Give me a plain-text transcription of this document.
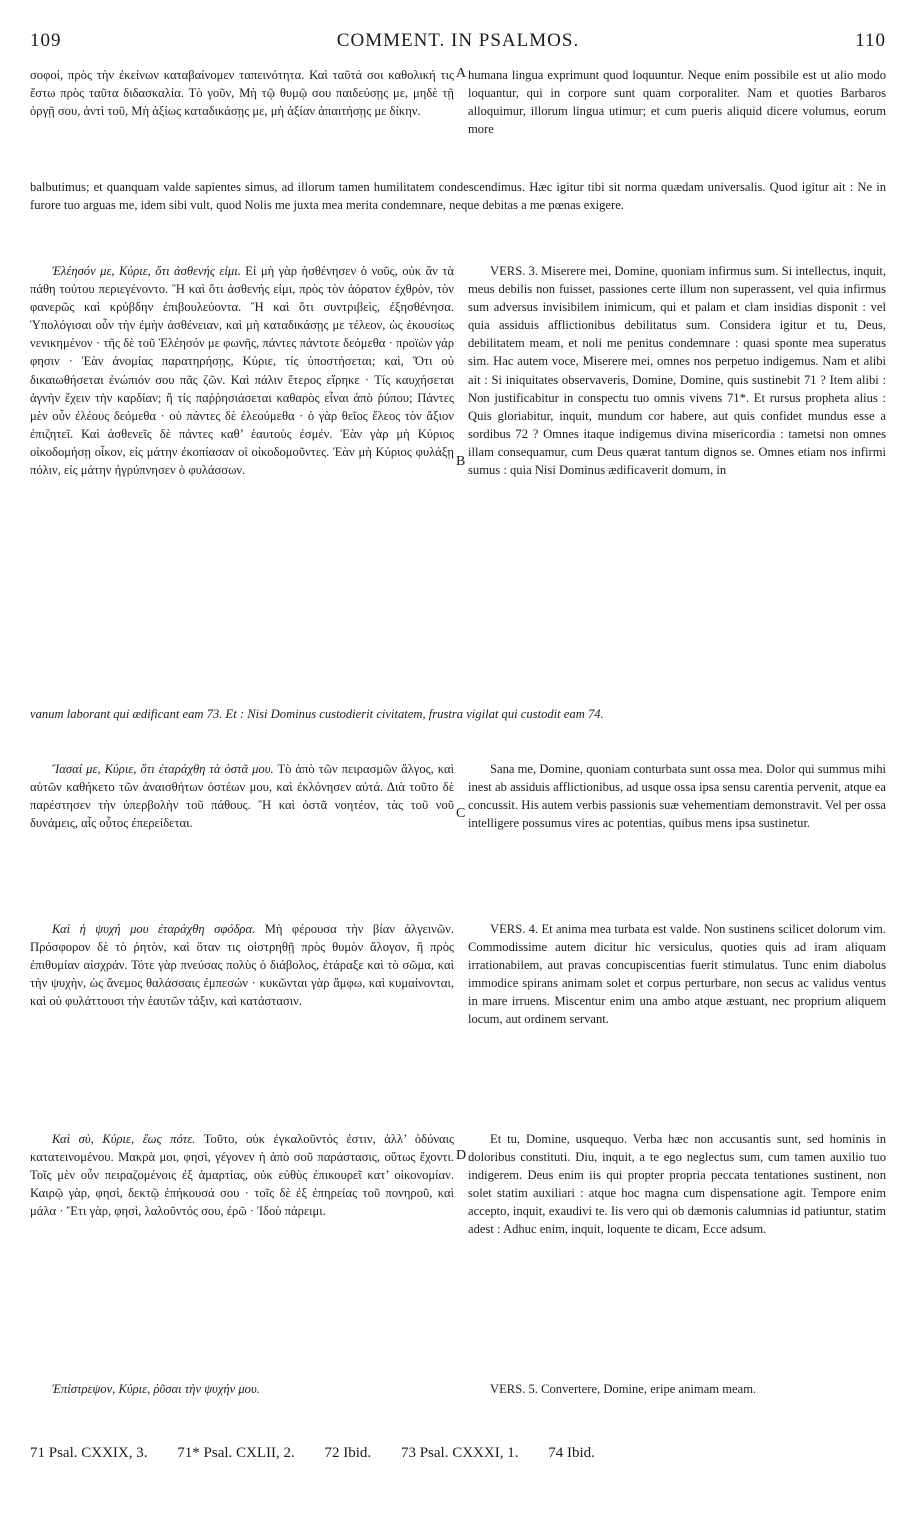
109	COMMENT. IN PSALMOS.	110
A
B
C
D

σοφοί, πρὸς τὴν ἐκείνων καταβαίνομεν ταπεινότητα. Καὶ ταῦτά σοι καθολική τις ἔστω πρὸς ταῦτα διδασκαλία. Τὸ γοῦν, Μὴ τῷ θυμῷ σου παιδεύσῃς με, μηδὲ τῇ ὀργῇ σου, ἀντὶ τοῦ, Μὴ ἀξίως καταδικάσῃς με, μὴ ἀξίαν ἀπαιτήσῃς με δίκην.

humana lingua exprimunt quod loquuntur. Neque enim possibile est ut alio modo loquantur, qui in corpore sunt quam corporaliter. Nam et quoties Barbaros alloquimur, illorum lingua utimur; et cum pueris aliquid dicere volumus, eorum more

balbutimus; et quanquam valde sapientes simus, ad illorum tamen humilitatem condescendimus. Hæc igitur tibi sit norma quædam universalis. Quod igitur ait : Ne in furore tuo arguas me, idem sibi vult, quod Nolis me juxta mea merita condemnare, neque debitas a me pœnas exigere.

Ἐλέησόν με, Κύριε, ὅτι ἀσθενής εἰμι. Εἰ μὴ γὰρ ἠσθένησεν ὁ νοῦς, οὐκ ἂν τὰ πάθη τούτου περιεγένοντο. Ἢ καὶ ὅτι ἀσθενής εἰμι, πρὸς τὸν ἀόρατον ἐχθρὸν, τὸν φανερῶς καὶ κρύβδην ἐπιβουλεύοντα. Ἢ καὶ ὅτι συντριβεὶς, ἐξησθένησα. Ὑπολόγισαι οὖν τὴν ἐμὴν ἀσθένειαν, καὶ μὴ καταδικάσῃς με τέλεον, ὡς ἑκουσίως νενικημένον · τῆς δὲ τοῦ Ἐλέησόν με φωνῆς, πάντες πάντοτε δεόμεθα · προϊὼν γάρ φησιν · Ἐὰν ἀνομίας παρατηρήσῃς, Κύριε, τίς ὑποστήσεται; καὶ, Ὅτι οὐ δικαιωθήσεται ἐνώπιόν σου πᾶς ζῶν. Καὶ πάλιν ἕτερος εἴρηκε · Τίς καυχήσεται ἁγνὴν ἔχειν τὴν καρδίαν; ἢ τίς παῤῥησιάσεται καθαρὸς εἶναι ἀπὸ ῥύπου; Πάντες μὲν οὖν ἐλέους δεόμεθα · οὐ πάντες δὲ ἐλεούμεθα · ὁ γὰρ θεῖος ἔλεος τὸν ἄξιον ἐπιζητεῖ. Καὶ ἀσθενεῖς δὲ πάντες καθ’ ἑαυτοὺς ἐσμέν. Ἐὰν γὰρ μὴ Κύριος οἰκοδομήσῃ οἶκον, εἰς μάτην ἐκοπίασαν οἱ οἰκοδομοῦντες. Ἐὰν μὴ Κύριος φυλάξῃ πόλιν, εἰς μάτην ἠγρύπνησεν ὁ φυλάσσων.

VERS. 3. Miserere mei, Domine, quoniam infirmus sum. Si intellectus, inquit, meus debilis non fuisset, passiones certe illum non superassent, vel quia infirmus sum adversus invisibilem inimicum, qui et palam et clam insidias disponit : vel quia assiduis afflictionibus debilitatus sum. Considera igitur et tu, Deus, debilitatem meam, et noli me penitus condemnare : quasi sponte mea superatus sim. Hac autem voce, Miserere mei, omnes nos perpetuo indigemus. Nam et alibi ait : Si iniquitates observaveris, Domine, Domine, quis sustinebit 71 ? Item alibi : Non justificabitur in conspectu tuo omnis vivens 71*. Et rursus propheta alius : Quis gloriabitur, inquit, mundum cor habere, aut quis confidet mundus esse a sordibus 72 ? Omnes itaque indigemus divina misericordia : tametsi non omnes illam consequamur, cum Deus quærat tantum dignos se. Omnes etiam nos infirmi sumus : quia Nisi Dominus ædificaverit domum, in

vanum laborant qui ædificant eam 73. Et : Nisi Dominus custodierit civitatem, frustra vigilat qui custodit eam 74.

Ἴασαί με, Κύριε, ὅτι ἐταράχθη τὰ ὀστᾶ μου. Τὸ ἀπὸ τῶν πειρασμῶν ἄλγος, καὶ αὐτῶν καθήκετο τῶν ἀναισθήτων ὀστέων μου, καὶ ἐκλόνησεν αὐτά. Διὰ τοῦτο δὲ παρέστησεν τὴν ὑπερβολὴν τοῦ πάθους. Ἢ καὶ ὀστᾶ νοητέον, τὰς τοῦ νοῦ δυνάμεις, αἷς οὗτος ἐπερείδεται.

Sana me, Domine, quoniam conturbata sunt ossa mea. Dolor qui summus mihi inest ab assiduis afflictionibus, ad usque ossa ipsa sensu carentia pervenit, atque ea concussit. His autem verbis passionis suæ vehementiam demonstravit. Vel per ossa intelligere possumus vires ac potentias, quibus mens ipsa sustinetur.

Καὶ ἡ ψυχή μου ἐταράχθη σφόδρα. Μὴ φέρουσα τὴν βίαν ἀλγεινῶν. Πρόσφορον δὲ τὸ ῥητὸν, καὶ ὅταν τις οἰστρηθῇ πρὸς θυμὸν ἄλογον, ἢ πρὸς ἐπιθυμίαν αἰσχράν. Τότε γὰρ πνεύσας πολὺς ὁ διάβολος, ἐτάραξε καὶ τὸ σῶμα, καὶ τὴν ψυχὴν, ὡς ἄνεμος θαλάσσαις ἐμπεσών · κυκῶνται γὰρ ἄμφω, καὶ κυμαίνονται, καὶ οὐ φυλάττουσι τὴν ἑαυτῶν τάξιν, καὶ κατάστασιν.

VERS. 4. Et anima mea turbata est valde. Non sustinens scilicet dolorum vim. Commodissime autem dicitur hic versiculus, quoties quis ad iram aliquam irrationabilem, aut pravas concupiscentias fuerit stimulatus. Tunc enim diabolus immodice spirans animam solet et corpus perturbare, non secus ac validus ventus in mare irruens. Miscentur enim una ambo atque æstuant, nec proprium aliquem locum, aut ordinem servant.

Καὶ σὺ, Κύριε, ἕως πότε. Τοῦτο, οὐκ ἐγκαλοῦντός ἐστιν, ἀλλ’ ὀδύναις κατατεινομένου. Μακρὰ μοι, φησὶ, γέγονεν ἡ ἀπὸ σοῦ παράστασις, οὕτως ἔχοντι. Τοῖς μὲν οὖν πειραζομένοις ἐξ ἁμαρτίας, οὐκ εὐθὺς ἐπικουρεῖ κατ’ οἰκονομίαν. Καιρῷ γὰρ, φησὶ, δεκτῷ ἐπήκουσά σου · τοῖς δὲ ἐξ ἐπηρείας τοῦ πονηροῦ, καὶ μάλα · Ἔτι γὰρ, φησὶ, λαλοῦντός σου, ἐρῶ · Ἰδοὺ πάρειμι.

Et tu, Domine, usquequo. Verba hæc non accusantis sunt, sed hominis in doloribus constituti. Diu, inquit, a te ego neglectus sum, cum tamen auxilio tuo indigerem. Deus enim iis qui propter propria peccata tentationes sustinent, non solet statim auxiliari : atque hoc magna cum dispensatione agit. Tempore enim accepto, inquit, exaudivi te. Iis vero qui ob dæmonis calumnias id patiuntur, statim adest : Adhuc enim, inquit, loquente te dicam, Ecce adsum.

Ἐπίστρεψον, Κύριε, ῥῦσαι τὴν ψυχήν μου.	VERS. 5. Convertere, Domine, eripe animam meam.

71 Psal. CXXIX, 3. 71* Psal. CXLII, 2. 72 Ibid. 73 Psal. CXXXI, 1. 74 Ibid.
